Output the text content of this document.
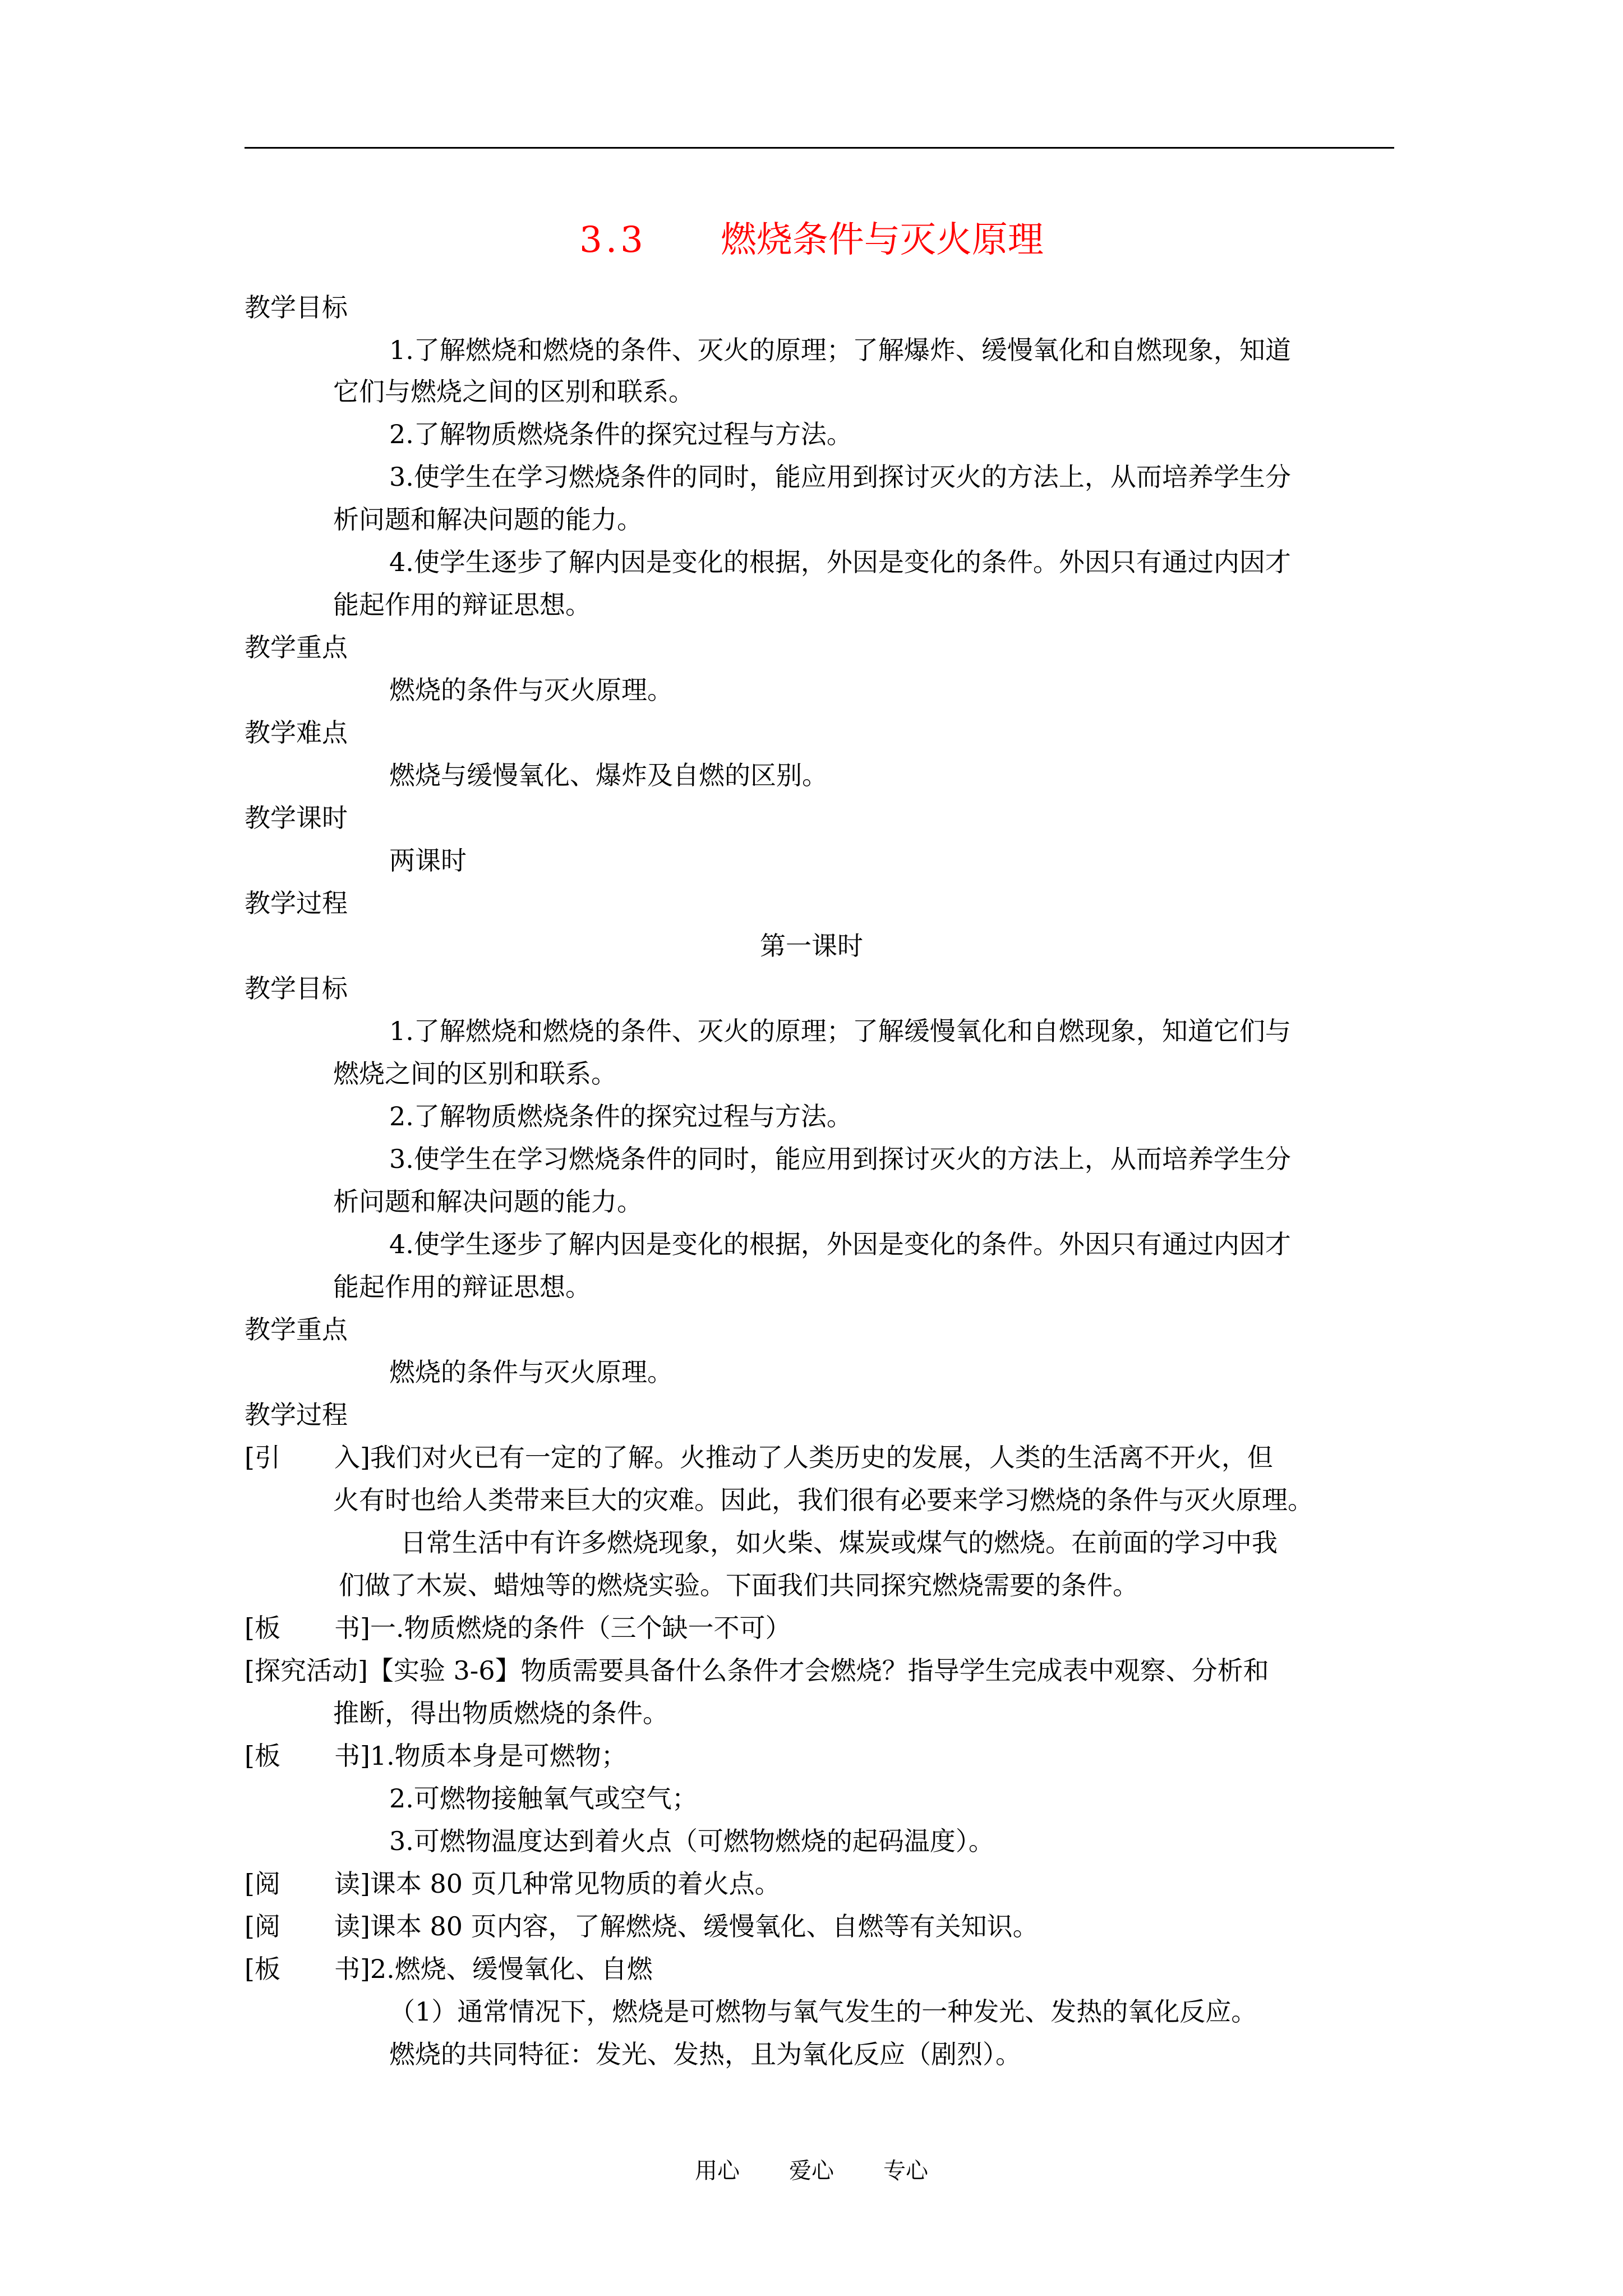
3.3 燃烧条件与灭火原理
教学目标
1.了解燃烧和燃烧的条件、灭火的原理；了解爆炸、缓慢氧化和自燃现象，知道
它们与燃烧之间的区别和联系。
2.了解物质燃烧条件的探究过程与方法。
3.使学生在学习燃烧条件的同时，能应用到探讨灭火的方法上，从而培养学生分
析问题和解决问题的能力。
4.使学生逐步了解内因是变化的根据，外因是变化的条件。外因只有通过内因才
能起作用的辩证思想。
教学重点
燃烧的条件与灭火原理。
教学难点
燃烧与缓慢氧化、爆炸及自燃的区别。
教学课时
两课时
教学过程
第一课时
教学目标
1.了解燃烧和燃烧的条件、灭火的原理；了解缓慢氧化和自燃现象，知道它们与
燃烧之间的区别和联系。
2.了解物质燃烧条件的探究过程与方法。
3.使学生在学习燃烧条件的同时，能应用到探讨灭火的方法上，从而培养学生分
析问题和解决问题的能力。
4.使学生逐步了解内因是变化的根据，外因是变化的条件。外因只有通过内因才
能起作用的辩证思想。
教学重点
燃烧的条件与灭火原理。
教学过程
[引 入]我们对火已有一定的了解。火推动了人类历史的发展，人类的生活离不开火，但
火有时也给人类带来巨大的灾难。因此，我们很有必要来学习燃烧的条件与灭火原理。
日常生活中有许多燃烧现象，如火柴、煤炭或煤气的燃烧。在前面的学习中我
们做了木炭、蜡烛等的燃烧实验。下面我们共同探究燃烧需要的条件。
[板 书]一.物质燃烧的条件（三个缺一不可）
[探究活动]【实验 3-6】物质需要具备什么条件才会燃烧？指导学生完成表中观察、分析和
推断，得出物质燃烧的条件。
[板 书]1.物质本身是可燃物；
2.可燃物接触氧气或空气；
3.可燃物温度达到着火点（可燃物燃烧的起码温度）。
[阅 读]课本 80 页几种常见物质的着火点。
[阅 读]课本 80 页内容，了解燃烧、缓慢氧化、自燃等有关知识。
[板 书]2.燃烧、缓慢氧化、自燃
（1）通常情况下，燃烧是可燃物与氧气发生的一种发光、发热的氧化反应。
燃烧的共同特征：发光、发热，且为氧化反应（剧烈）。
用心 爱心 专心
